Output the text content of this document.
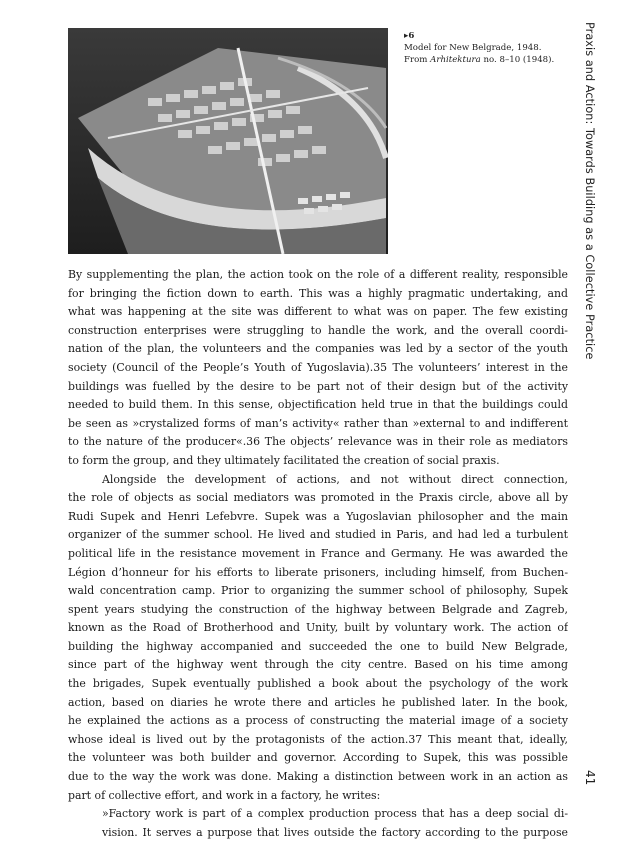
▸6
Model for New Belgrade, 1948.
From Arhitektura no. 8–10 (1948).	Praxis and Action: Towards Building as a Collective Practice
By supplementing the plan, the action took on the role of a different reality, responsible
for bringing the fiction down to earth. This was a highly pragmatic undertaking, and
what was happening at the site was different to what was on paper. The few existing
construction enterprises were struggling to handle the work, and the overall coordi-
nation of the plan, the volunteers and the companies was led by a sector of the youth
society (Council of the People’s Youth of Yugoslavia).35 The volunteers’ interest in the
buildings was fuelled by the desire to be part not of their design but of the activity
needed to build them. In this sense, objectification held true in that the buildings could
be seen as »crystalized forms of man’s activity« rather than »external to and indifferent
to the nature of the producer«.36 The objects’ relevance was in their role as mediators
to form the group, and they ultimately facilitated the creation of social praxis.
Alongside the development of actions, and not without direct connection,
the role of objects as social mediators was promoted in the Praxis circle, above all by
Rudi Supek and Henri Lefebvre. Supek was a Yugoslavian philosopher and the main
organizer of the summer school. He lived and studied in Paris, and had led a turbulent
political life in the resistance movement in France and Germany. He was awarded the
Légion d’honneur for his efforts to liberate prisoners, including himself, from Buchen-
wald concentration camp. Prior to organizing the summer school of philosophy, Supek
spent years studying the construction of the highway between Belgrade and Zagreb,
known as the Road of Brotherhood and Unity, built by voluntary work. The action of
building the highway accompanied and succeeded the one to build New Belgrade,
since part of the highway went through the city centre. Based on his time among
the brigades, Supek eventually published a book about the psychology of the work
action, based on diaries he wrote there and articles he published later. In the book,
he explained the actions as a process of constructing the material image of a society
whose ideal is lived out by the protagonists of the action.37 This meant that, ideally,
the volunteer was both builder and governor. According to Supek, this was possible
due to the way the work was done. Making a distinction between work in an action as
part of collective effort, and work in a factory, he writes:
»Factory work is part of a complex production process that has a deep social di-
vision. It serves a purpose that lives outside the factory according to the purpose
41
